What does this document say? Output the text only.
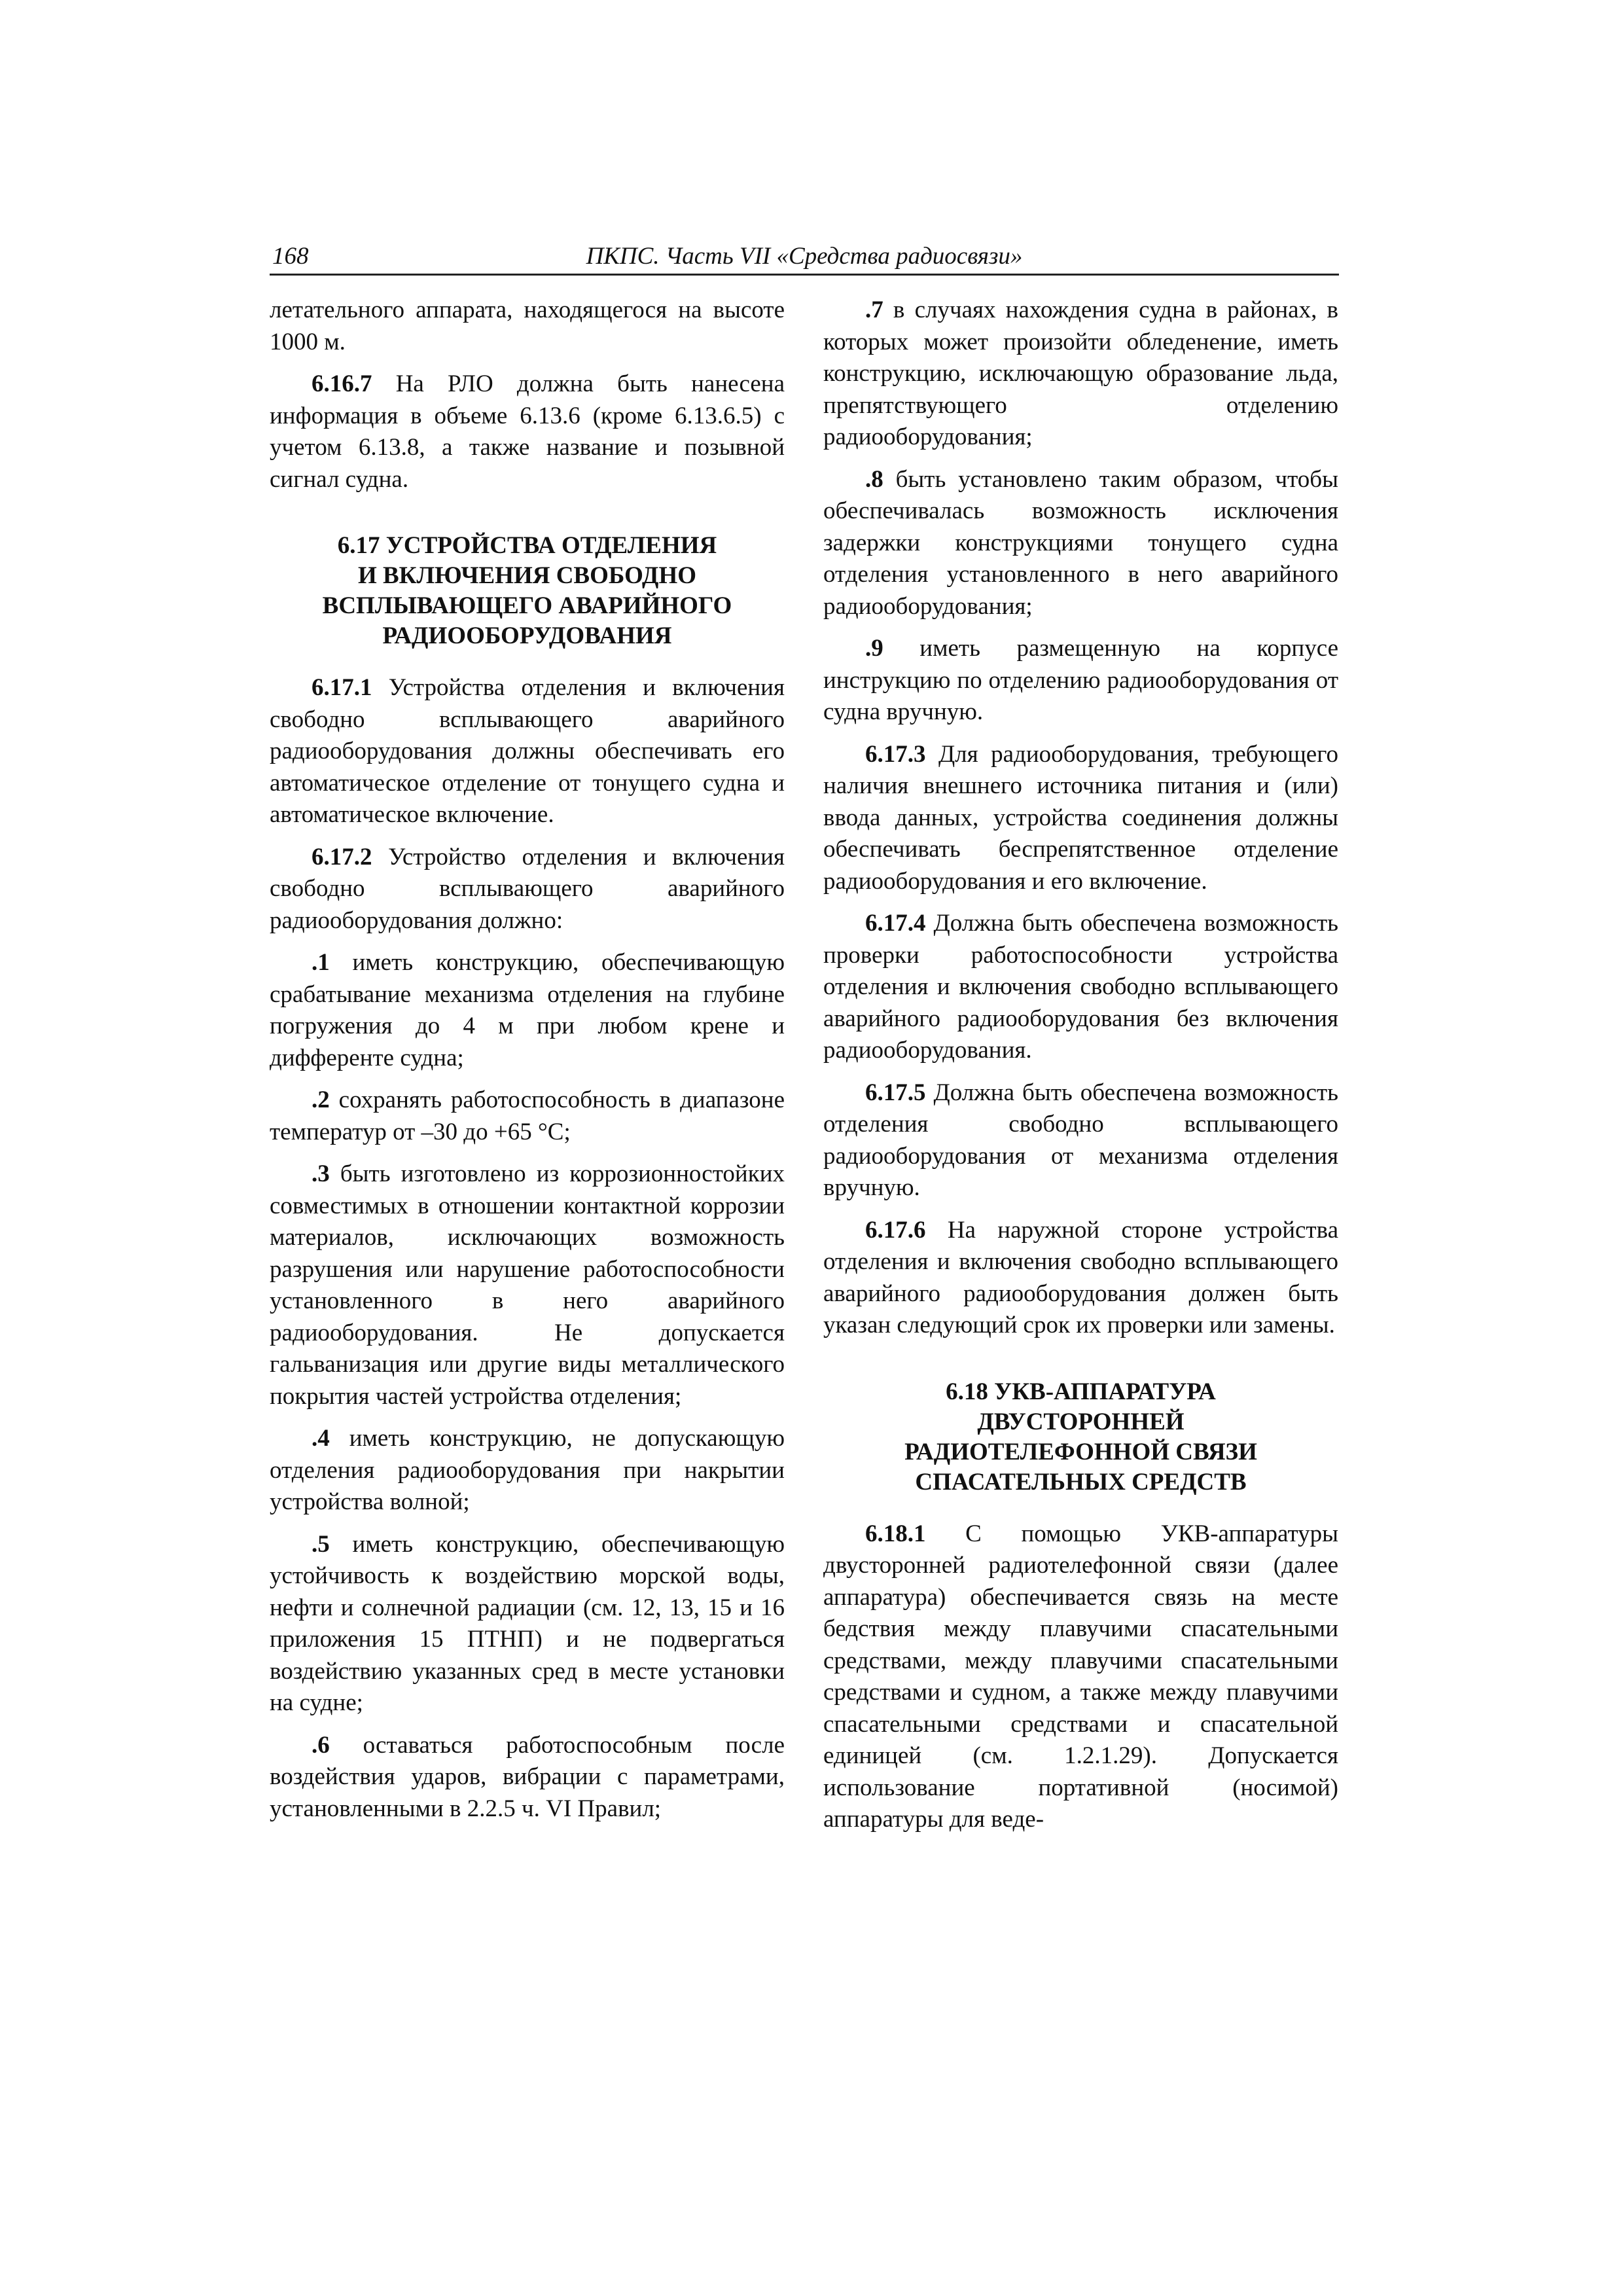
168	ПКПС. Часть VII «Средства радиосвязи»

летательного аппарата, находящегося на высоте 1000 м.

6.16.7 На РЛО должна быть нанесена информация в объеме 6.13.6 (кроме 6.13.6.5) с учетом 6.13.8, а также название и позывной сигнал судна.

6.17 УСТРОЙСТВА ОТДЕЛЕНИЯ
И ВКЛЮЧЕНИЯ СВОБОДНО
ВСПЛЫВАЮЩЕГО АВАРИЙНОГО
РАДИООБОРУДОВАНИЯ

6.17.1 Устройства отделения и включения свободно всплывающего аварийного радиооборудования должны обеспечивать его автоматическое отделение от тонущего судна и автоматическое включение.

6.17.2 Устройство отделения и включения свободно всплывающего аварийного радиооборудования должно:

.1 иметь конструкцию, обеспечивающую срабатывание механизма отделения на глубине погружения до 4 м при любом крене и дифференте судна;

.2 сохранять работоспособность в диапазоне температур от –30 до +65 °С;

.3 быть изготовлено из коррозионностойких совместимых в отношении контактной коррозии материалов, исключающих возможность разрушения или нарушение работоспособности установленного в него аварийного радиооборудования. Не допускается гальванизация или другие виды металлического покрытия частей устройства отделения;

.4 иметь конструкцию, не допускающую отделения радиооборудования при накрытии устройства волной;

.5 иметь конструкцию, обеспечивающую устойчивость к воздействию морской воды, нефти и солнечной радиации (см. 12, 13, 15 и 16 приложения 15 ПТНП) и не подвергаться воздействию указанных сред в месте установки на судне;

.6 оставаться работоспособным после воздействия ударов, вибрации с параметрами, установленными в 2.2.5 ч. VI Правил;

.7 в случаях нахождения судна в районах, в которых может произойти обледенение, иметь конструкцию, исключающую образование льда, препятствующего отделению радиооборудования;

.8 быть установлено таким образом, чтобы обеспечивалась возможность исключения задержки конструкциями тонущего судна отделения установленного в него аварийного радиооборудования;

.9 иметь размещенную на корпусе инструкцию по отделению радиооборудования от судна вручную.

6.17.3 Для радиооборудования, требующего наличия внешнего источника питания и (или) ввода данных, устройства соединения должны обеспечивать беспрепятственное отделение радиооборудования и его включение.

6.17.4 Должна быть обеспечена возможность проверки работоспособности устройства отделения и включения свободно всплывающего аварийного радиооборудования без включения радиооборудования.

6.17.5 Должна быть обеспечена возможность отделения свободно всплывающего радиооборудования от механизма отделения вручную.

6.17.6 На наружной стороне устройства отделения и включения свободно всплывающего аварийного радиооборудования должен быть указан следующий срок их проверки или замены.

6.18 УКВ-АППАРАТУРА
ДВУСТОРОННЕЙ
РАДИОТЕЛЕФОННОЙ СВЯЗИ
СПАСАТЕЛЬНЫХ СРЕДСТВ

6.18.1 С помощью УКВ-аппаратуры двусторонней радиотелефонной связи (далее аппаратура) обеспечивается связь на месте бедствия между плавучими спасательными средствами, между плавучими спасательными средствами и судном, а также между плавучими спасательными средствами и спасательной единицей (см. 1.2.1.29). Допускается использование портативной (носимой) аппаратуры для веде-
